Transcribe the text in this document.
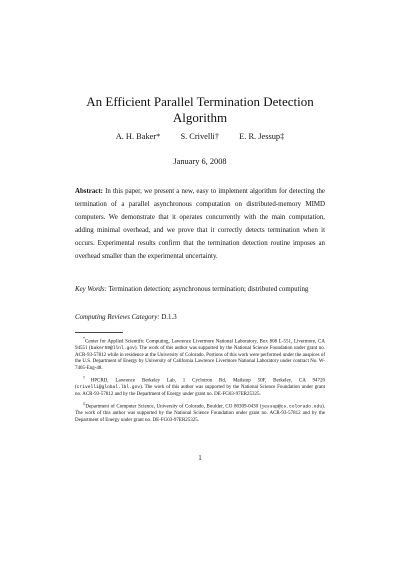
An Efficient Parallel Termination Detection
Algorithm
A. H. Baker* S. Crivelli† E. R. Jessup‡
January 6, 2008
Abstract: In this paper, we present a new, easy to implement algorithm for detecting the termination of a parallel asynchronous computation on distributed-memory MIMD computers. We demonstrate that it operates concurrently with the main computation, adding minimal overhead, and we prove that it correctly detects termination when it occurs. Experimental results confirm that the termination detection routine imposes an overhead smaller than the experimental uncertainty.
Key Words: Termination detection; asynchronous termination; distributed computing
Computing Reviews Category: D.1.3

*Center for Applied Scientific Computing, Lawrence Livermore National Laboratory, Box 808 L-551, Livermore, CA 94551 (baker59@llnl.gov). The work of this author was supported by the National Science Foundation under grant no. ACR-93-57812 while in residence at the University of Colorado. Portions of this work were performed under the auspices of the U.S. Department of Energy by University of California Lawrence Livermore National Laboratory under contract No. W-7405-Eng-48.

†HPCRD, Lawrence Berkeley Lab, 1 Cyclotron Rd, Mailstop 50F, Berkeley, CA 94720 (crivelli@global.lbl.gov). The work of this author was supported by the National Science Foundation under grant no. ACR-93-57812 and by the Department of Energy under grant no. DE-FG03-97ER25325.

‡Department of Computer Science, University of Colorado, Boulder, CO 80309-0430 (jessup@cs.colorado.edu). The work of this author was supported by the National Science Foundation under grant no. ACR-93-57812 and by the Department of Energy under grant no. DE-FG03-97ER25325.

1
